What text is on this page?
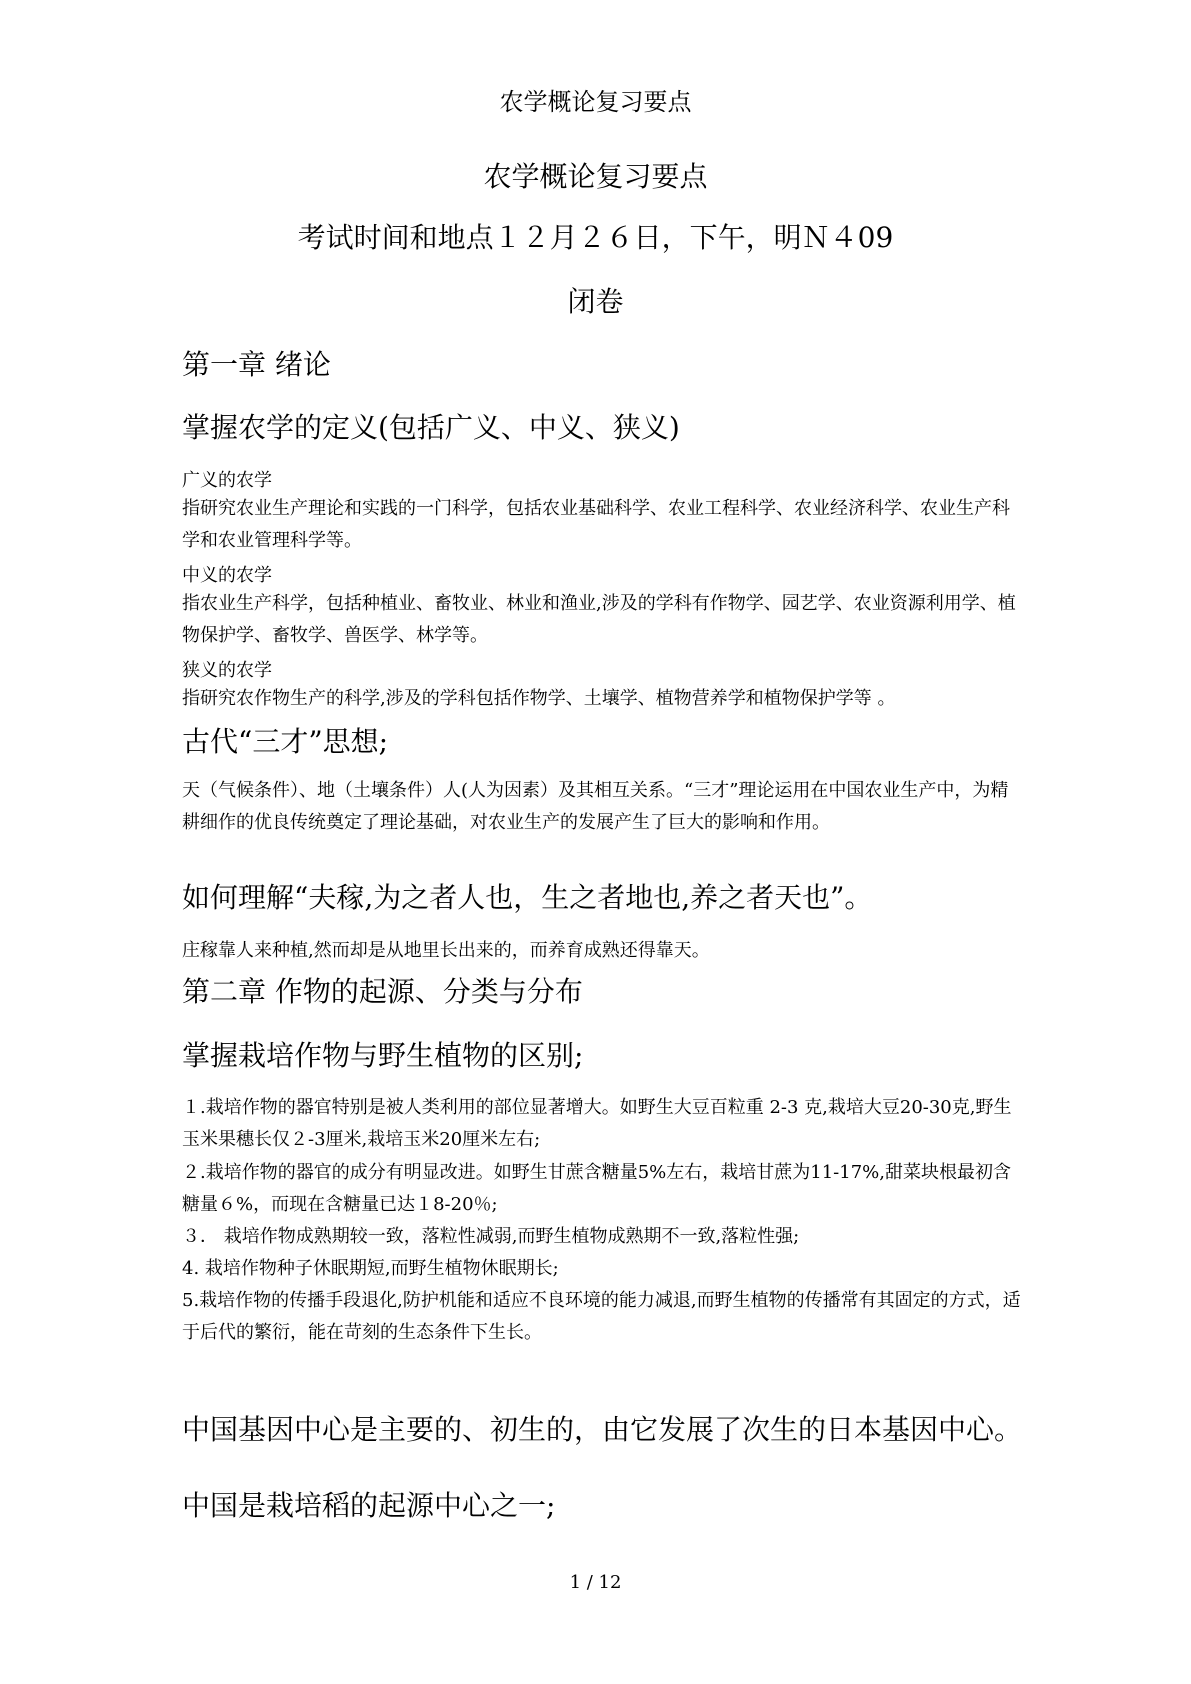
农学概论复习要点

农学概论复习要点

考试时间和地点１２月２６日，下午，明Ｎ４09

闭卷

第一章 绪论

掌握农学的定义(包括广义、中义、狭义)

广义的农学

指研究农业生产理论和实践的一门科学，包括农业基础科学、农业工程科学、农业经济科学、农业生产科学和农业管理科学等。

中义的农学

指农业生产科学，包括种植业、畜牧业、林业和渔业,涉及的学科有作物学、园艺学、农业资源利用学、植物保护学、畜牧学、兽医学、林学等。

狭义的农学

指研究农作物生产的科学,涉及的学科包括作物学、土壤学、植物营养学和植物保护学等 。

古代“三才”思想;

天（气候条件）、地（土壤条件）人(人为因素）及其相互关系。“三才”理论运用在中国农业生产中，为精耕细作的优良传统奠定了理论基础，对农业生产的发展产生了巨大的影响和作用。

如何理解“夫稼,为之者人也，生之者地也,养之者天也”。

庄稼靠人来种植,然而却是从地里长出来的，而养育成熟还得靠天。

第二章 作物的起源、分类与分布

掌握栽培作物与野生植物的区别;

１.栽培作物的器官特别是被人类利用的部位显著增大。如野生大豆百粒重 2-3 克,栽培大豆20-30克,野生玉米果穗长仅２-3厘米,栽培玉米20厘米左右;

２.栽培作物的器官的成分有明显改进。如野生甘蔗含糖量5%左右，栽培甘蔗为11-17%,甜菜块根最初含糖量６%，而现在含糖量已达１8-20％;

３． 栽培作物成熟期较一致，落粒性减弱,而野生植物成熟期不一致,落粒性强;

4. 栽培作物种子休眠期短,而野生植物休眠期长;

5.栽培作物的传播手段退化,防护机能和适应不良环境的能力减退,而野生植物的传播常有其固定的方式，适于后代的繁衍，能在苛刻的生态条件下生长。

中国基因中心是主要的、初生的，由它发展了次生的日本基因中心。

中国是栽培稻的起源中心之一;

1 / 12
